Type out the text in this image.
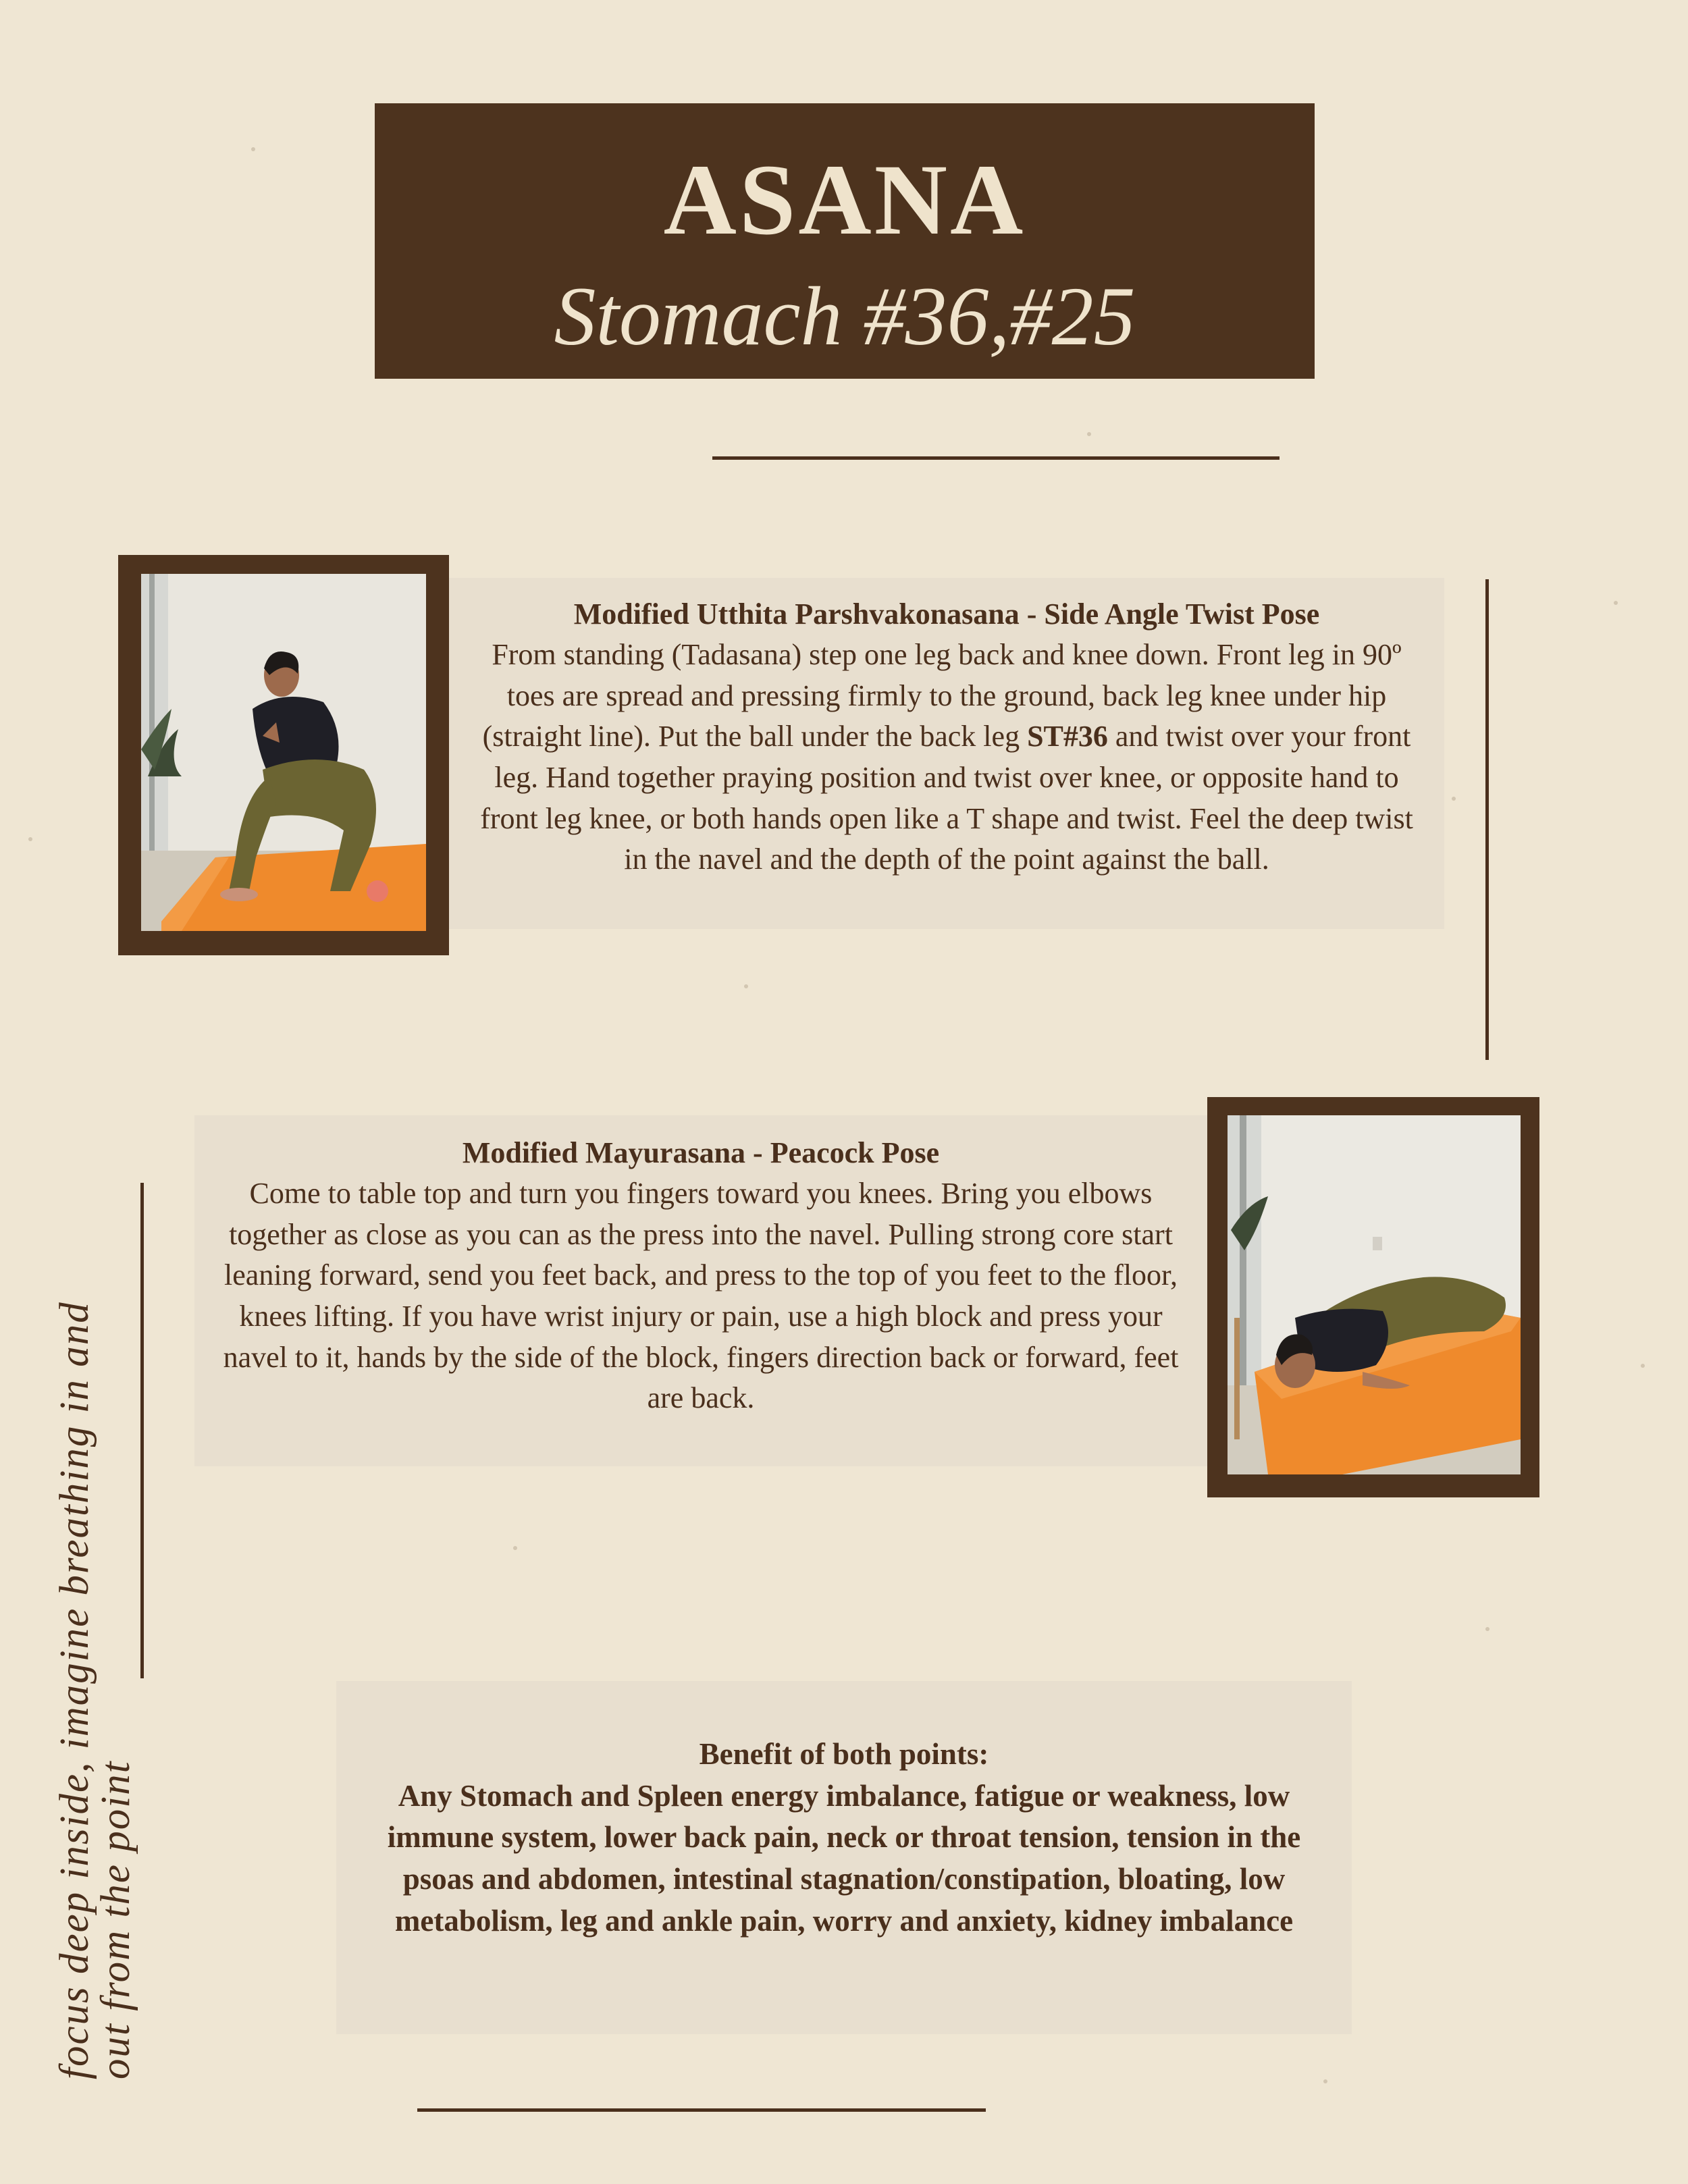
ASANA
Stomach #36,#25
Modified Utthita Parshvakonasana - Side Angle Twist Pose
From standing (Tadasana) step one leg back and knee down. Front leg in 90º toes are spread and pressing firmly to the ground, back leg knee under hip (straight line). Put the ball under the back leg ST#36 and twist over your front leg. Hand together praying position and twist over knee, or opposite hand to front leg knee, or both hands open like a T shape and twist. Feel the deep twist in the navel and the depth of the point against the ball.
Modified Mayurasana - Peacock Pose
Come to table top and turn you fingers toward you knees. Bring you elbows together as close as you can as the press into the navel. Pulling strong core start leaning forward, send you feet back, and press to the top of you feet to the floor, knees lifting. If you have wrist injury or pain, use a high block and press your navel to it, hands by the side of the block, fingers direction back or forward, feet are back.
focus deep inside, imagine breathing in and
out from the point
Benefit of both points:
Any Stomach and Spleen energy imbalance, fatigue or weakness, low immune system, lower back pain, neck or throat tension, tension in the psoas and abdomen, intestinal stagnation/constipation, bloating, low metabolism, leg and ankle pain, worry and anxiety, kidney imbalance
